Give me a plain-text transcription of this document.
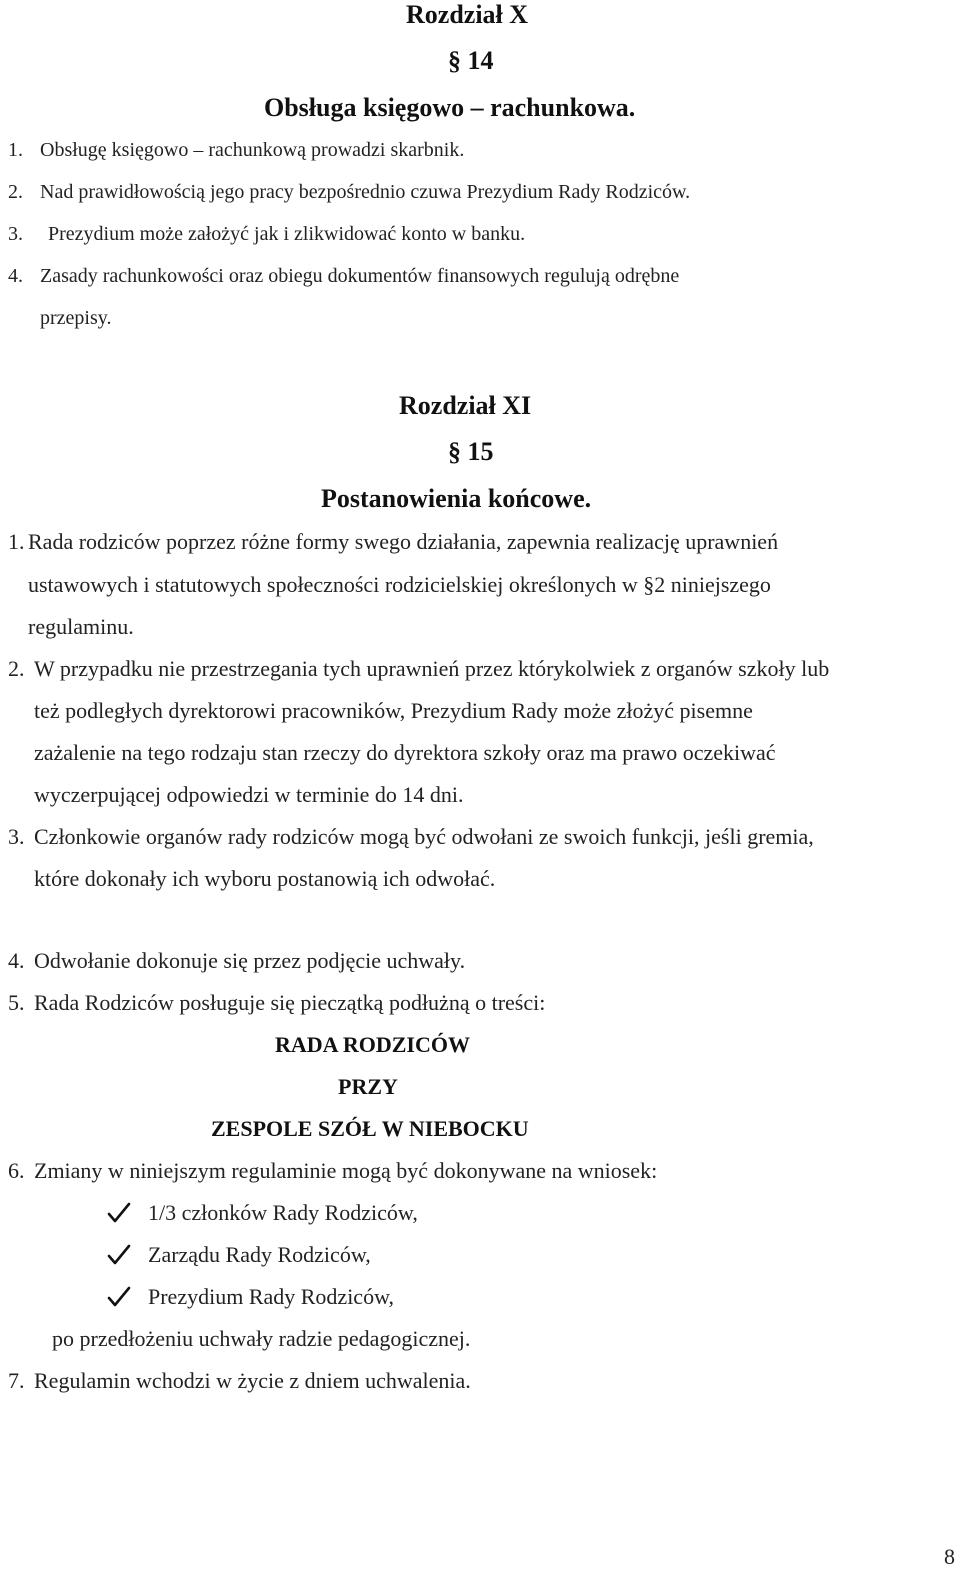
Rozdział X
§ 14
Obsługa księgowo – rachunkowa.
1. Obsługę księgowo – rachunkową prowadzi skarbnik.
2. Nad prawidłowością jego pracy bezpośrednio czuwa Prezydium Rady Rodziców.
3. Prezydium może założyć jak i zlikwidować konto w banku.
4. Zasady rachunkowości oraz obiegu dokumentów finansowych regulują odrębne
przepisy.
Rozdział XI
§ 15
Postanowienia końcowe.
1. Rada rodziców poprzez różne formy swego działania, zapewnia realizację uprawnień
ustawowych i statutowych społeczności rodzicielskiej określonych w §2 niniejszego
regulaminu.
2. W przypadku nie przestrzegania tych uprawnień przez którykolwiek z organów szkoły lub
też podległych dyrektorowi pracowników, Prezydium Rady może złożyć pisemne
zażalenie na tego rodzaju stan rzeczy do dyrektora szkoły oraz ma prawo oczekiwać
wyczerpującej odpowiedzi w terminie do 14 dni.
3. Członkowie organów rady rodziców mogą być odwołani ze swoich funkcji, jeśli gremia,
które dokonały ich wyboru postanowią ich odwołać.
4. Odwołanie dokonuje się przez podjęcie uchwały.
5. Rada Rodziców posługuje się pieczątką podłużną o treści:
RADA RODZICÓW
PRZY
ZESPOLE SZÓŁ W NIEBOCKU
6. Zmiany w niniejszym regulaminie mogą być dokonywane na wniosek:
1/3 członków Rady Rodziców,
Zarządu Rady Rodziców,
Prezydium Rady Rodziców,
po przedłożeniu uchwały radzie pedagogicznej.
7. Regulamin wchodzi w życie z dniem uchwalenia.
8
